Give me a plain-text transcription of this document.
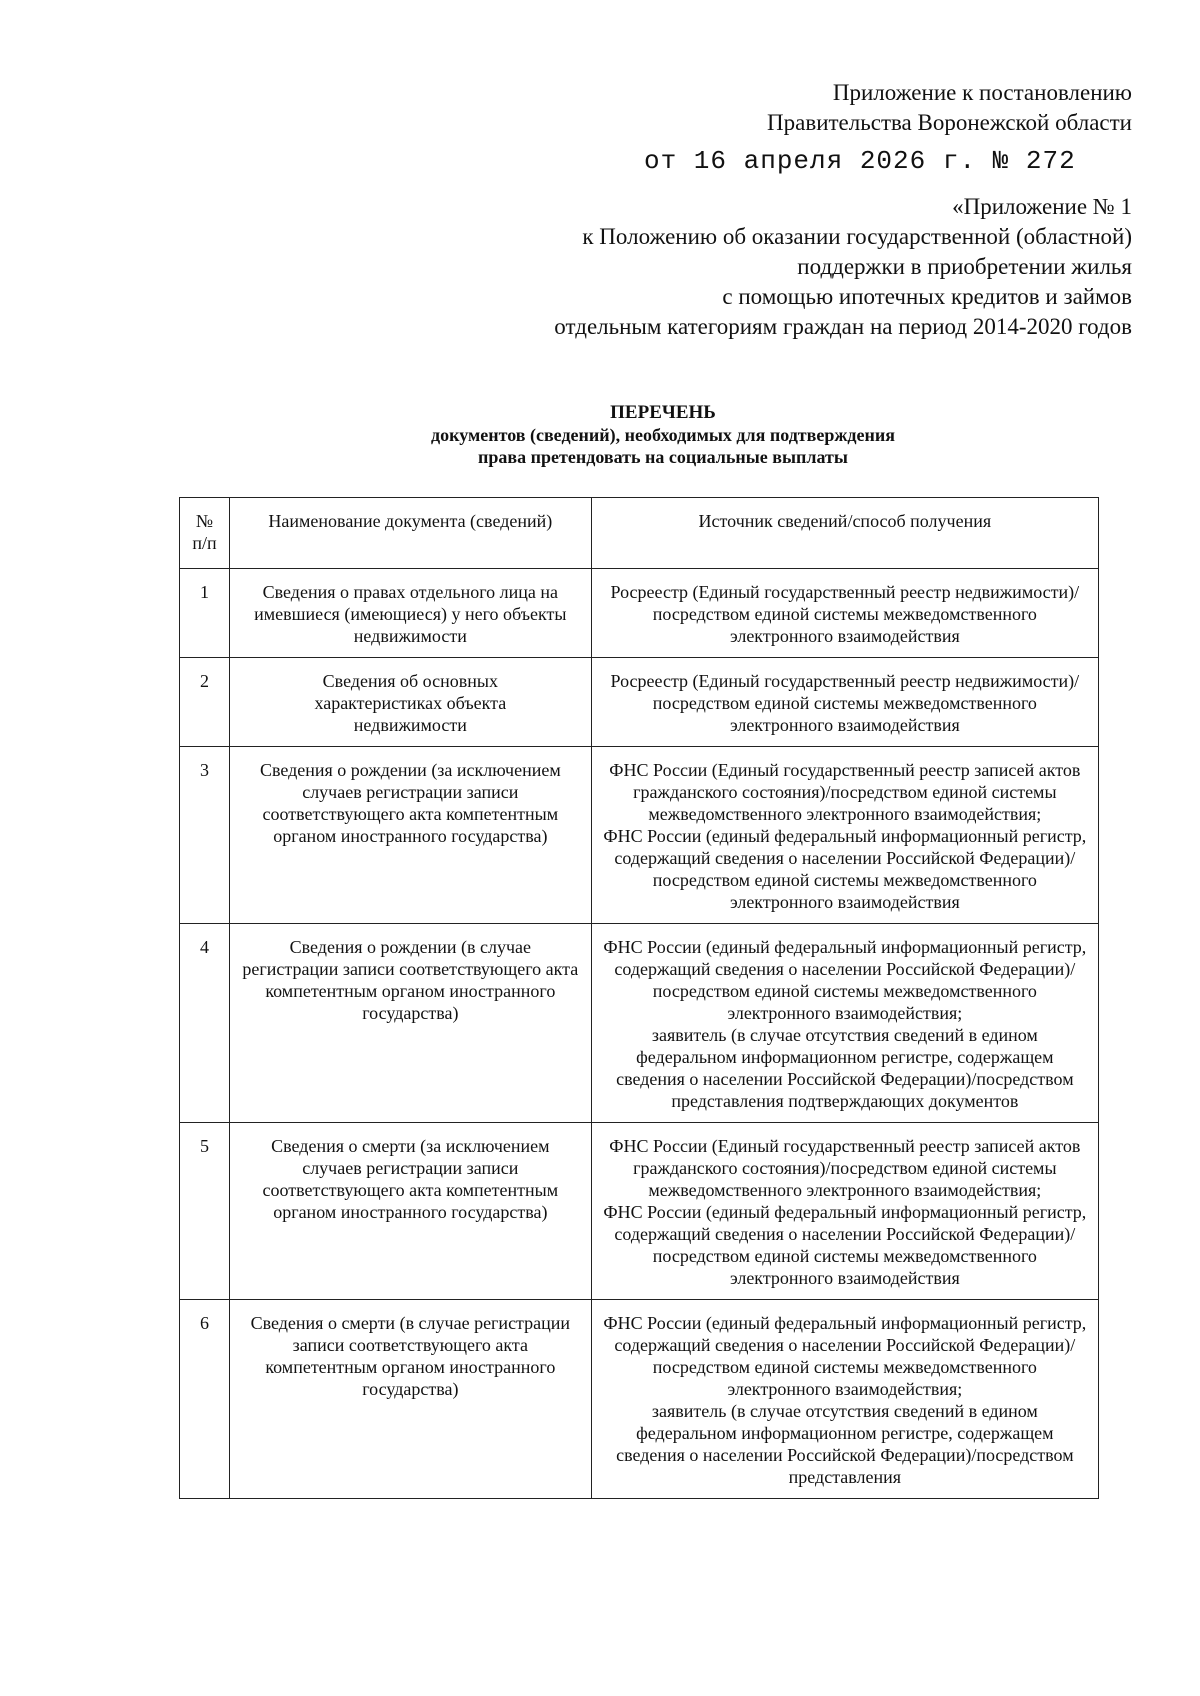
Приложение к постановлению
Правительства Воронежской области
от 16 апреля 2026 г. № 272
«Приложение № 1
к Положению об оказании государственной (областной)
поддержки в приобретении жилья
с помощью ипотечных кредитов и займов
отдельным категориям граждан на период 2014-2020 годов
ПЕРЕЧЕНЬ
документов (сведений), необходимых для подтверждения
права претендовать на социальные выплаты
№ п/п	Наименование документа (сведений)	Источник сведений/способ получения
1	Сведения о правах отдельного лица на имевшиеся (имеющиеся) у него объекты недвижимости	Росреестр (Единый государственный реестр недвижимости)/посредством единой системы межведомственного электронного взаимодействия
2	Сведения об основных характеристиках объекта недвижимости	Росреестр (Единый государственный реестр недвижимости)/посредством единой системы межведомственного электронного взаимодействия
3	Сведения о рождении (за исключением случаев регистрации записи соответствующего акта компетентным органом иностранного государства)	ФНС России (Единый государственный реестр записей актов гражданского состояния)/посредством единой системы межведомственного электронного взаимодействия;
ФНС России (единый федеральный информационный регистр, содержащий сведения о населении Российской Федерации)/посредством единой системы межведомственного электронного взаимодействия

4	Сведения о рождении (в случае регистрации записи соответствующего акта компетентным органом иностранного государства)	ФНС России (единый федеральный информационный регистр, содержащий сведения о населении Российской Федерации)/посредством единой системы межведомственного электронного взаимодействия;
заявитель (в случае отсутствия сведений в едином федеральном информационном регистре, содержащем сведения о населении Российской Федерации)/посредством представления подтверждающих документов

5	Сведения о смерти (за исключением случаев регистрации записи соответствующего акта компетентным органом иностранного государства)	ФНС России (Единый государственный реестр записей актов гражданского состояния)/посредством единой системы межведомственного электронного взаимодействия;
ФНС России (единый федеральный информационный регистр, содержащий сведения о населении Российской Федерации)/посредством единой системы межведомственного электронного взаимодействия

6	Сведения о смерти (в случае регистрации записи соответствующего акта компетентным органом иностранного государства)	ФНС России (единый федеральный информационный регистр, содержащий сведения о населении Российской Федерации)/посредством единой системы межведомственного электронного взаимодействия;
заявитель (в случае отсутствия сведений в едином федеральном информационном регистре, содержащем сведения о населении Российской Федерации)/посредством представления
